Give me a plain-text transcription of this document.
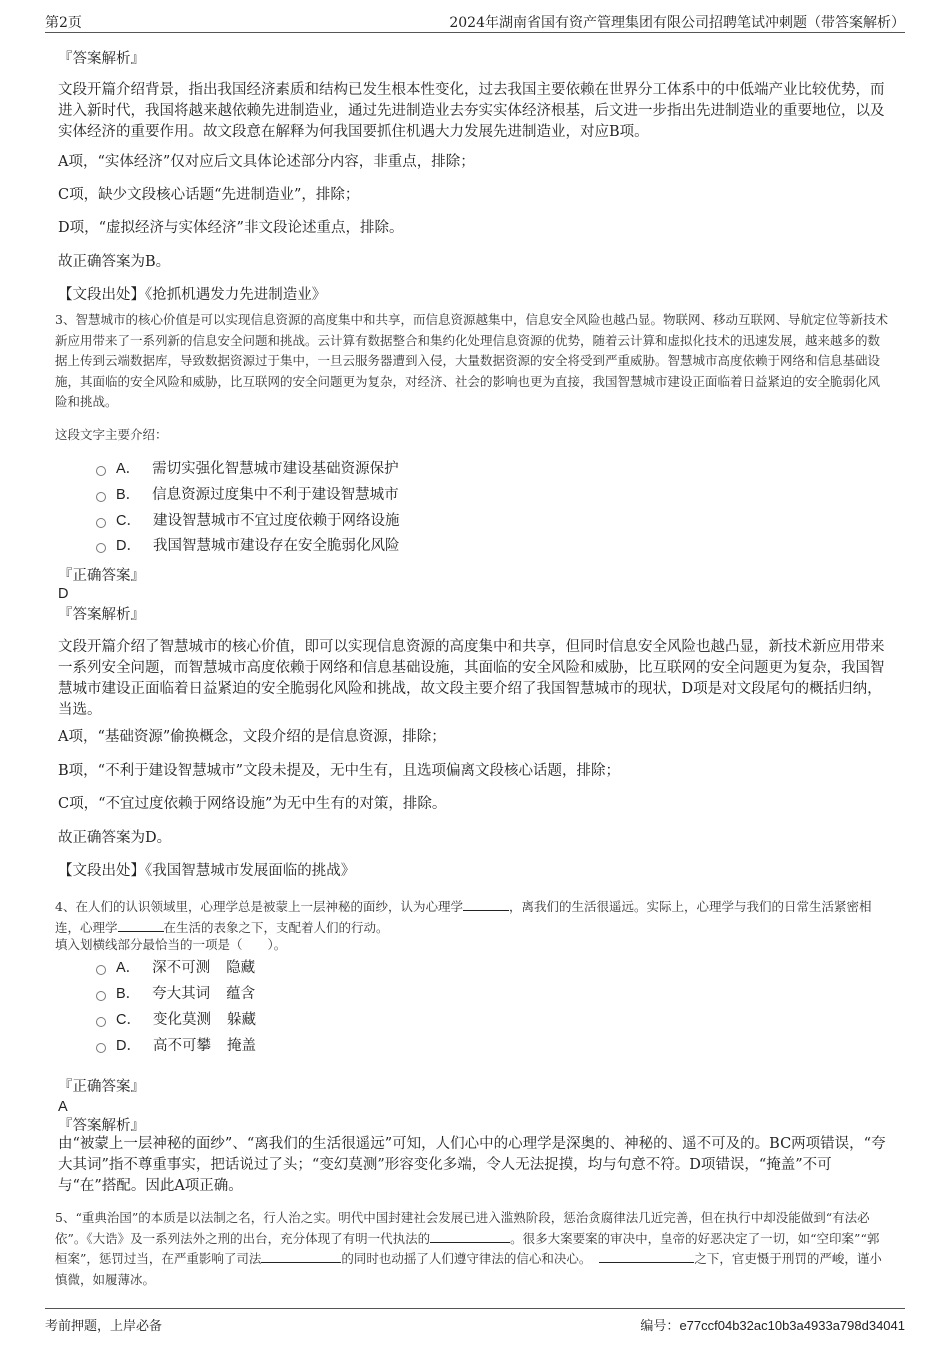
第2页	2024年湖南省国有资产管理集团有限公司招聘笔试冲刺题（带答案解析）

『答案解析』

文段开篇介绍背景，指出我国经济素质和结构已发生根本性变化，过去我国主要依赖在世界分工体系中的中低端产业比较优势，而进入新时代，我国将越来越依赖先进制造业，通过先进制造业去夯实实体经济根基，后文进一步指出先进制造业的重要地位，以及实体经济的重要作用。故文段意在解释为何我国要抓住机遇大力发展先进制造业，对应B项。

A项，“实体经济”仅对应后文具体论述部分内容，非重点，排除；

C项，缺少文段核心话题“先进制造业”，排除；

D项，“虚拟经济与实体经济”非文段论述重点，排除。

故正确答案为B。

【文段出处】《抢抓机遇发力先进制造业》

3、智慧城市的核心价值是可以实现信息资源的高度集中和共享，而信息资源越集中，信息安全风险也越凸显。物联网、移动互联网、导航定位等新技术新应用带来了一系列新的信息安全问题和挑战。云计算有数据整合和集约化处理信息资源的优势，随着云计算和虚拟化技术的迅速发展，越来越多的数据上传到云端数据库，导致数据资源过于集中，一旦云服务器遭到入侵，大量数据资源的安全将受到严重威胁。智慧城市高度依赖于网络和信息基础设施，其面临的安全风险和威胁，比互联网的安全问题更为复杂，对经济、社会的影响也更为直接，我国智慧城市建设正面临着日益紧迫的安全脆弱化风险和挑战。

这段文字主要介绍：

A． 需切实强化智慧城市建设基础资源保护
B． 信息资源过度集中不利于建设智慧城市
C． 建设智慧城市不宜过度依赖于网络设施
D． 我国智慧城市建设存在安全脆弱化风险

『正确答案』

D

『答案解析』

文段开篇介绍了智慧城市的核心价值，即可以实现信息资源的高度集中和共享，但同时信息安全风险也越凸显，新技术新应用带来一系列安全问题，而智慧城市高度依赖于网络和信息基础设施，其面临的安全风险和威胁，比互联网的安全问题更为复杂，我国智慧城市建设正面临着日益紧迫的安全脆弱化风险和挑战，故文段主要介绍了我国智慧城市的现状，D项是对文段尾句的概括归纳，当选。

A项，“基础资源”偷换概念，文段介绍的是信息资源，排除；

B项，“不利于建设智慧城市”文段未提及，无中生有，且选项偏离文段核心话题，排除；

C项，“不宜过度依赖于网络设施”为无中生有的对策，排除。

故正确答案为D。

【文段出处】《我国智慧城市发展面临的挑战》

4、在人们的认识领域里，心理学总是被蒙上一层神秘的面纱，认为心理学	，离我们的生活很遥远。实际上，心理学与我们的日常生活紧密相连，心理学	在生活的表象之下，支配着人们的行动。

填入划横线部分最恰当的一项是（　　）。

A． 深不可测 隐藏
B． 夸大其词 蕴含
C． 变化莫测 躲藏
D． 高不可攀 掩盖

『正确答案』

A

『答案解析』

由“被蒙上一层神秘的面纱”、“离我们的生活很遥远”可知，人们心中的心理学是深奥的、神秘的、遥不可及的。BC两项错误，“夸大其词”指不尊重事实，把话说过了头；“变幻莫测”形容变化多端，令人无法捉摸，均与句意不符。D项错误，“掩盖”不可与“在”搭配。因此A项正确。

5、“重典治国”的本质是以法制之名，行人治之实。明代中国封建社会发展已进入滥熟阶段，惩治贪腐律法几近完善，但在执行中却没能做到“有法必依”。《大诰》及一系列法外之刑的出台，充分体现了有明一代执法的	。很多大案要案的审决中，皇帝的好恶决定了一切，如“空印案”“郭桓案”，惩罚过当，在严重影响了司法	的同时也动摇了人们遵守律法的信心和决心。	之下，官吏慑于刑罚的严峻，谨小慎微，如履薄冰。

考前押题，上岸必备	编号：e77ccf04b32ac10b3a4933a798d34041
